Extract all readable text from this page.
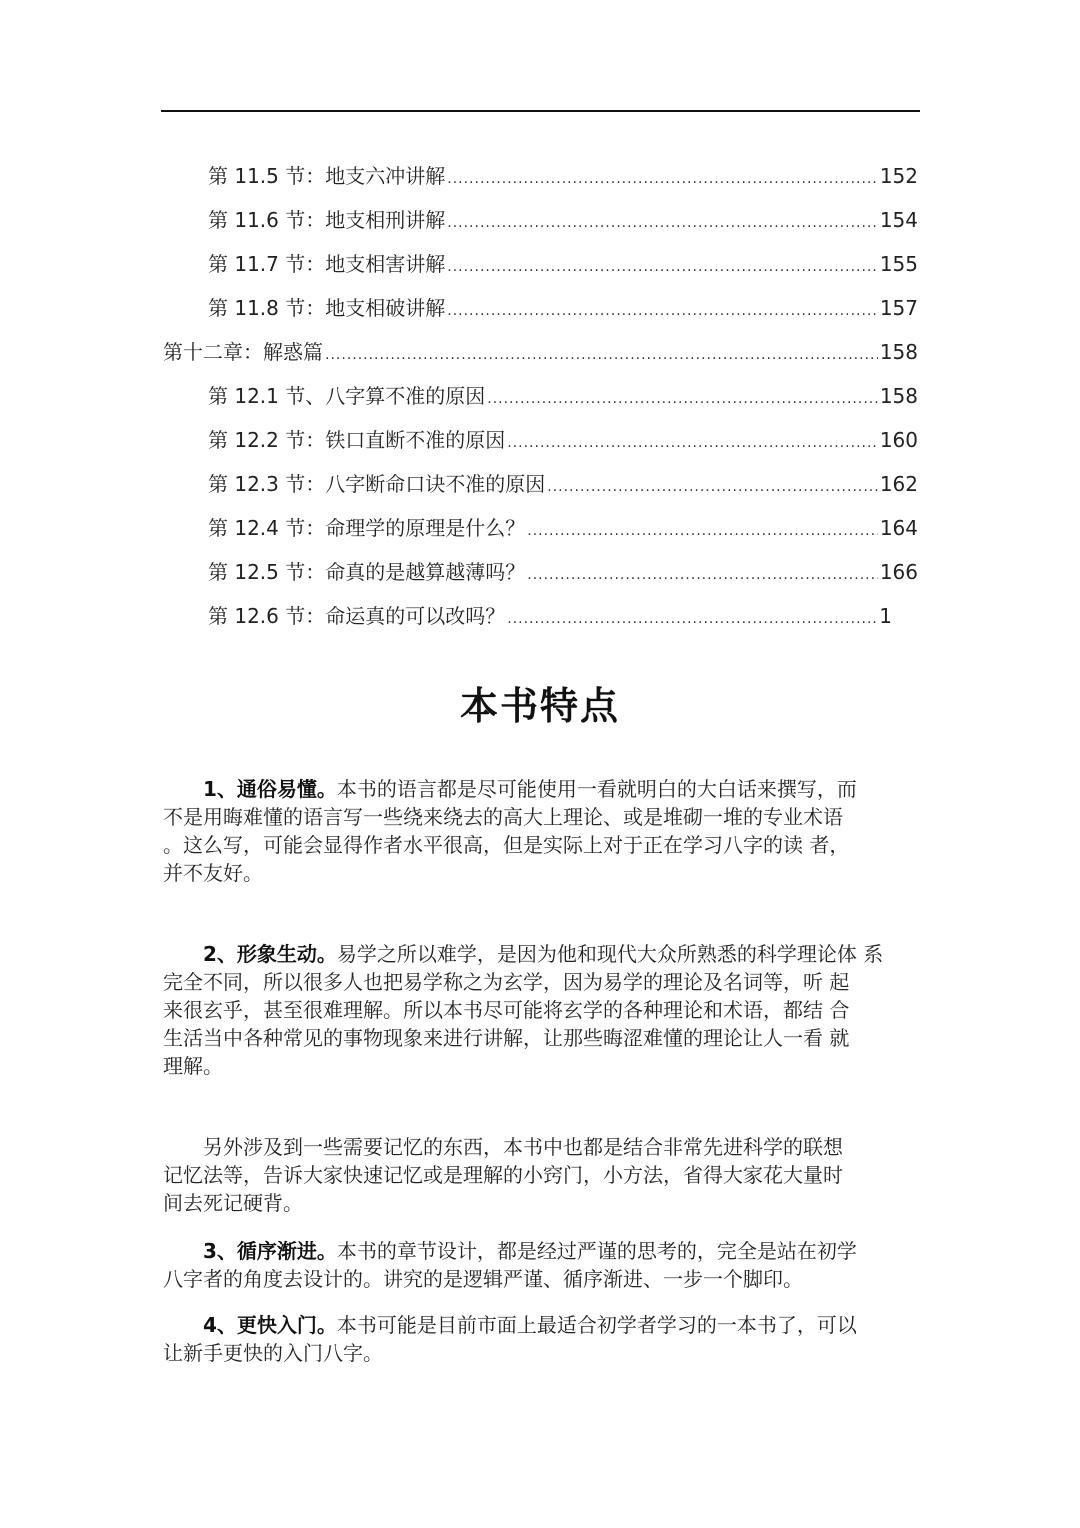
第 11.5 节：地支六冲讲解 .....	152
第 11.6 节：地支相刑讲解 .....	154
第 11.7 节：地支相害讲解 .....	155
第 11.8 节：地支相破讲解 .....	157
第十二章：解惑篇 .....	158
第 12.1 节、八字算不准的原因 .....	158
第 12.2 节：铁口直断不准的原因 .....	160
第 12.3 节：八字断命口诀不准的原因 .....	162
第 12.4 节：命理学的原理是什么？ .....	164
第 12.5 节：命真的是越算越薄吗？ .....	166
第 12.6 节：命运真的可以改吗？ .....	1
本书特点

1、通俗易懂。本书的语言都是尽可能使用一看就明白的大白话来撰写，而

不是用晦难懂的语言写一些绕来绕去的高大上理论、或是堆砌一堆的专业术语

。这么写，可能会显得作者水平很高，但是实际上对于正在学习八字的读 者，

并不友好。

2、形象生动。易学之所以难学，是因为他和现代大众所熟悉的科学理论体 系

完全不同，所以很多人也把易学称之为玄学，因为易学的理论及名词等，听 起

来很玄乎，甚至很难理解。所以本书尽可能将玄学的各种理论和术语，都结 合

生活当中各种常见的事物现象来进行讲解，让那些晦涩难懂的理论让人一看 就

理解。

另外涉及到一些需要记忆的东西，本书中也都是结合非常先进科学的联想

记忆法等，告诉大家快速记忆或是理解的小窍门，小方法，省得大家花大量时

间去死记硬背。

3、循序渐进。本书的章节设计，都是经过严谨的思考的，完全是站在初学

八字者的角度去设计的。讲究的是逻辑严谨、循序渐进、一步一个脚印。

4、更快入门。本书可能是目前市面上最适合初学者学习的一本书了，可以

让新手更快的入门八字。
